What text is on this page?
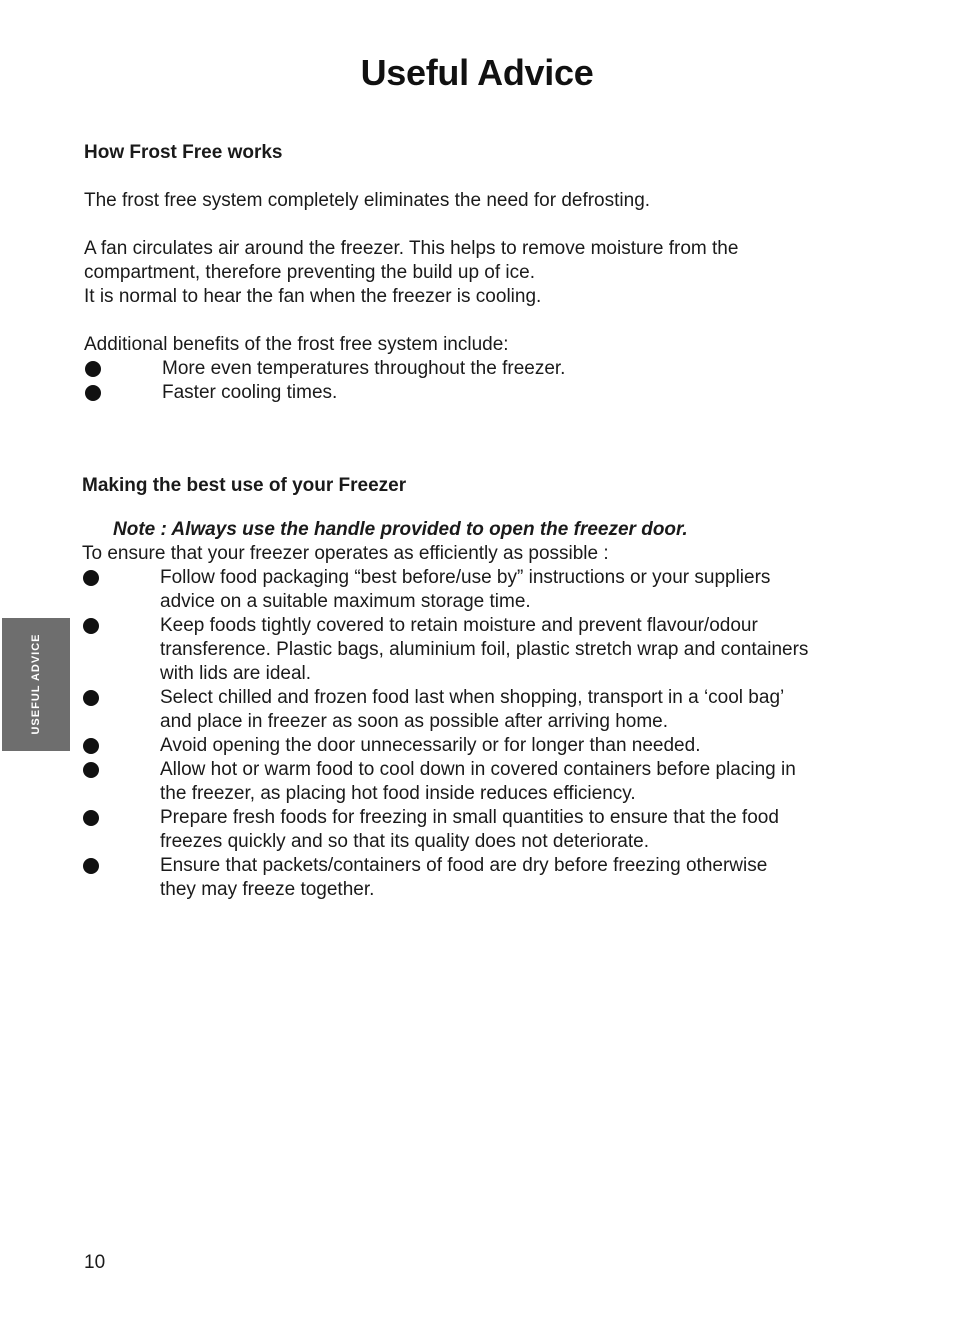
Useful Advice
USEFUL ADVICE
How Frost Free works
The frost free system completely eliminates the need for defrosting.
A fan circulates air around the freezer. This helps to remove moisture from the
compartment, therefore preventing the build up of ice.
It is normal to hear the fan when the freezer is cooling.
Additional benefits of the frost free system include:
More even temperatures throughout the freezer.
Faster cooling times.
Making the best use of your Freezer
Note : Always use the handle provided to open the freezer door.
To ensure that your freezer operates as efficiently as possible :
Follow food packaging “best before/use by” instructions or your suppliers
advice on a suitable maximum storage time.
Keep foods tightly covered to retain moisture and prevent flavour/odour
transference. Plastic bags, aluminium foil, plastic stretch wrap and containers
with lids are ideal.
Select chilled and frozen food last when shopping, transport in a ‘cool bag’
and place in freezer as soon as possible after arriving home.
Avoid opening the door unnecessarily or for longer than needed.
Allow hot or warm food to cool down in covered containers before placing in
the freezer, as placing hot food inside reduces efficiency.
Prepare fresh foods for freezing in small quantities to ensure that the food
freezes quickly and so that its quality does not deteriorate.
Ensure that packets/containers of food are dry before freezing otherwise
they may freeze together.
10
